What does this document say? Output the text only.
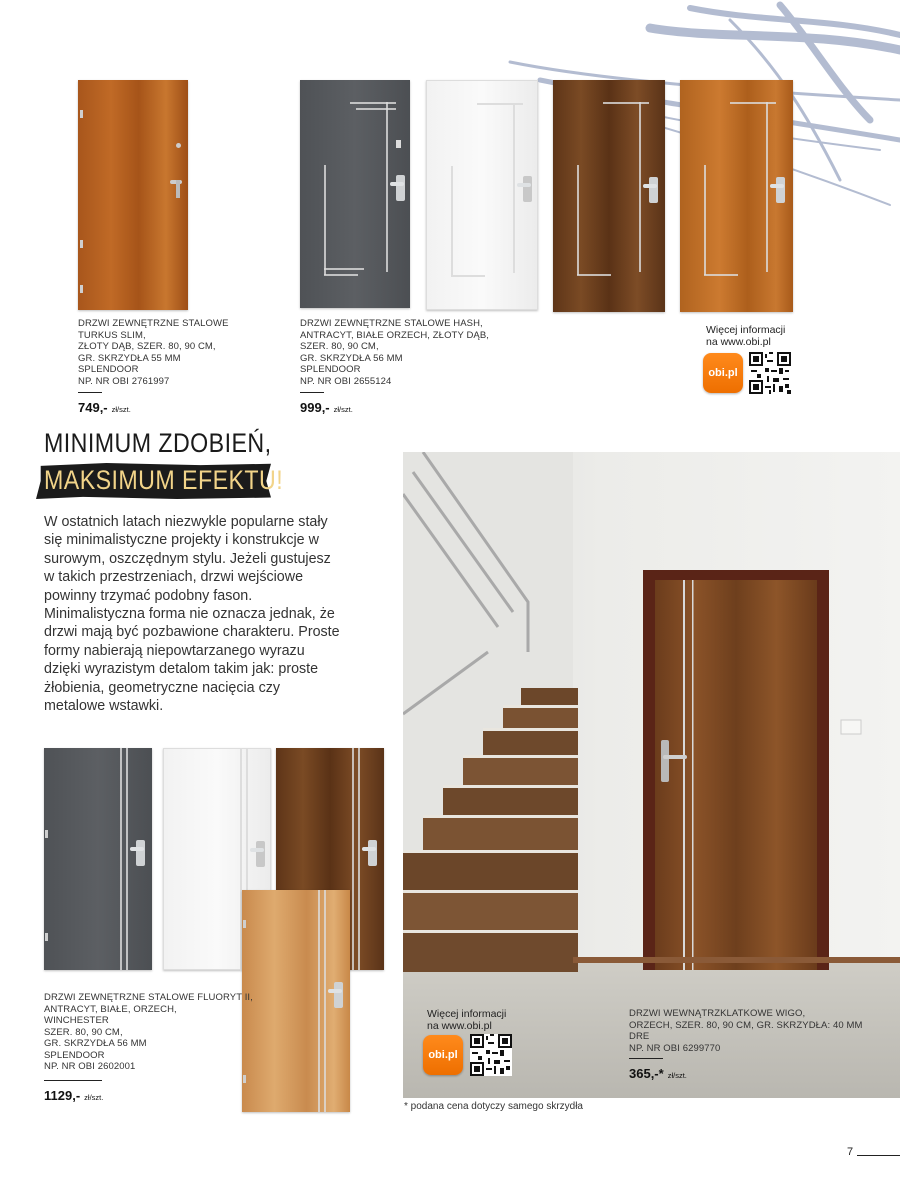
DRZWI ZEWNĘTRZNE STALOWE
TURKUS SLIM,
ZŁOTY DĄB, SZER. 80, 90 CM,
GR. SKRZYDŁA 55 MM
SPLENDOOR
NP. NR OBI 2761997
749,- zł/szt.
DRZWI ZEWNĘTRZNE STALOWE HASH,
ANTRACYT, BIAŁE ORZECH, ZŁOTY DĄB,
SZER. 80, 90 CM,
GR. SKRZYDŁA 56 MM
SPLENDOOR
NP. NR OBI 2655124
999,- zł/szt.
Więcej informacji
na www.obi.pl
obi.pl
MINIMUM ZDOBIEŃ,
MAKSIMUM EFEKTU!
W ostatnich latach niezwykle popularne stały się minimalistyczne projekty i konstrukcje w surowym, oszczędnym stylu. Jeżeli gustujesz w takich przestrzeniach, drzwi wejściowe powinny trzymać podobny fason. Minimalistyczna forma nie oznacza jednak, że drzwi mają być pozbawione charakteru. Proste formy nabierają niepowtarzanego wyrazu dzięki wyrazistym detalom takim jak: proste żłobienia, geometryczne nacięcia czy metalowe wstawki.
DRZWI ZEWNĘTRZNE STALOWE FLUORYT II,
ANTRACYT, BIAŁE, ORZECH,
WINCHESTER
SZER. 80, 90 CM,
GR. SKRZYDŁA 56 MM
SPLENDOOR
NP. NR OBI 2602001
1129,- zł/szt.
Więcej informacji
na www.obi.pl
obi.pl
DRZWI WEWNĄTRZKLATKOWE WIGO,
ORZECH, SZER. 80, 90 CM, GR. SKRZYDŁA: 40 MM
DRE
NP. NR OBI 6299770
365,-* zł/szt.
* podana cena dotyczy samego skrzydła
7
